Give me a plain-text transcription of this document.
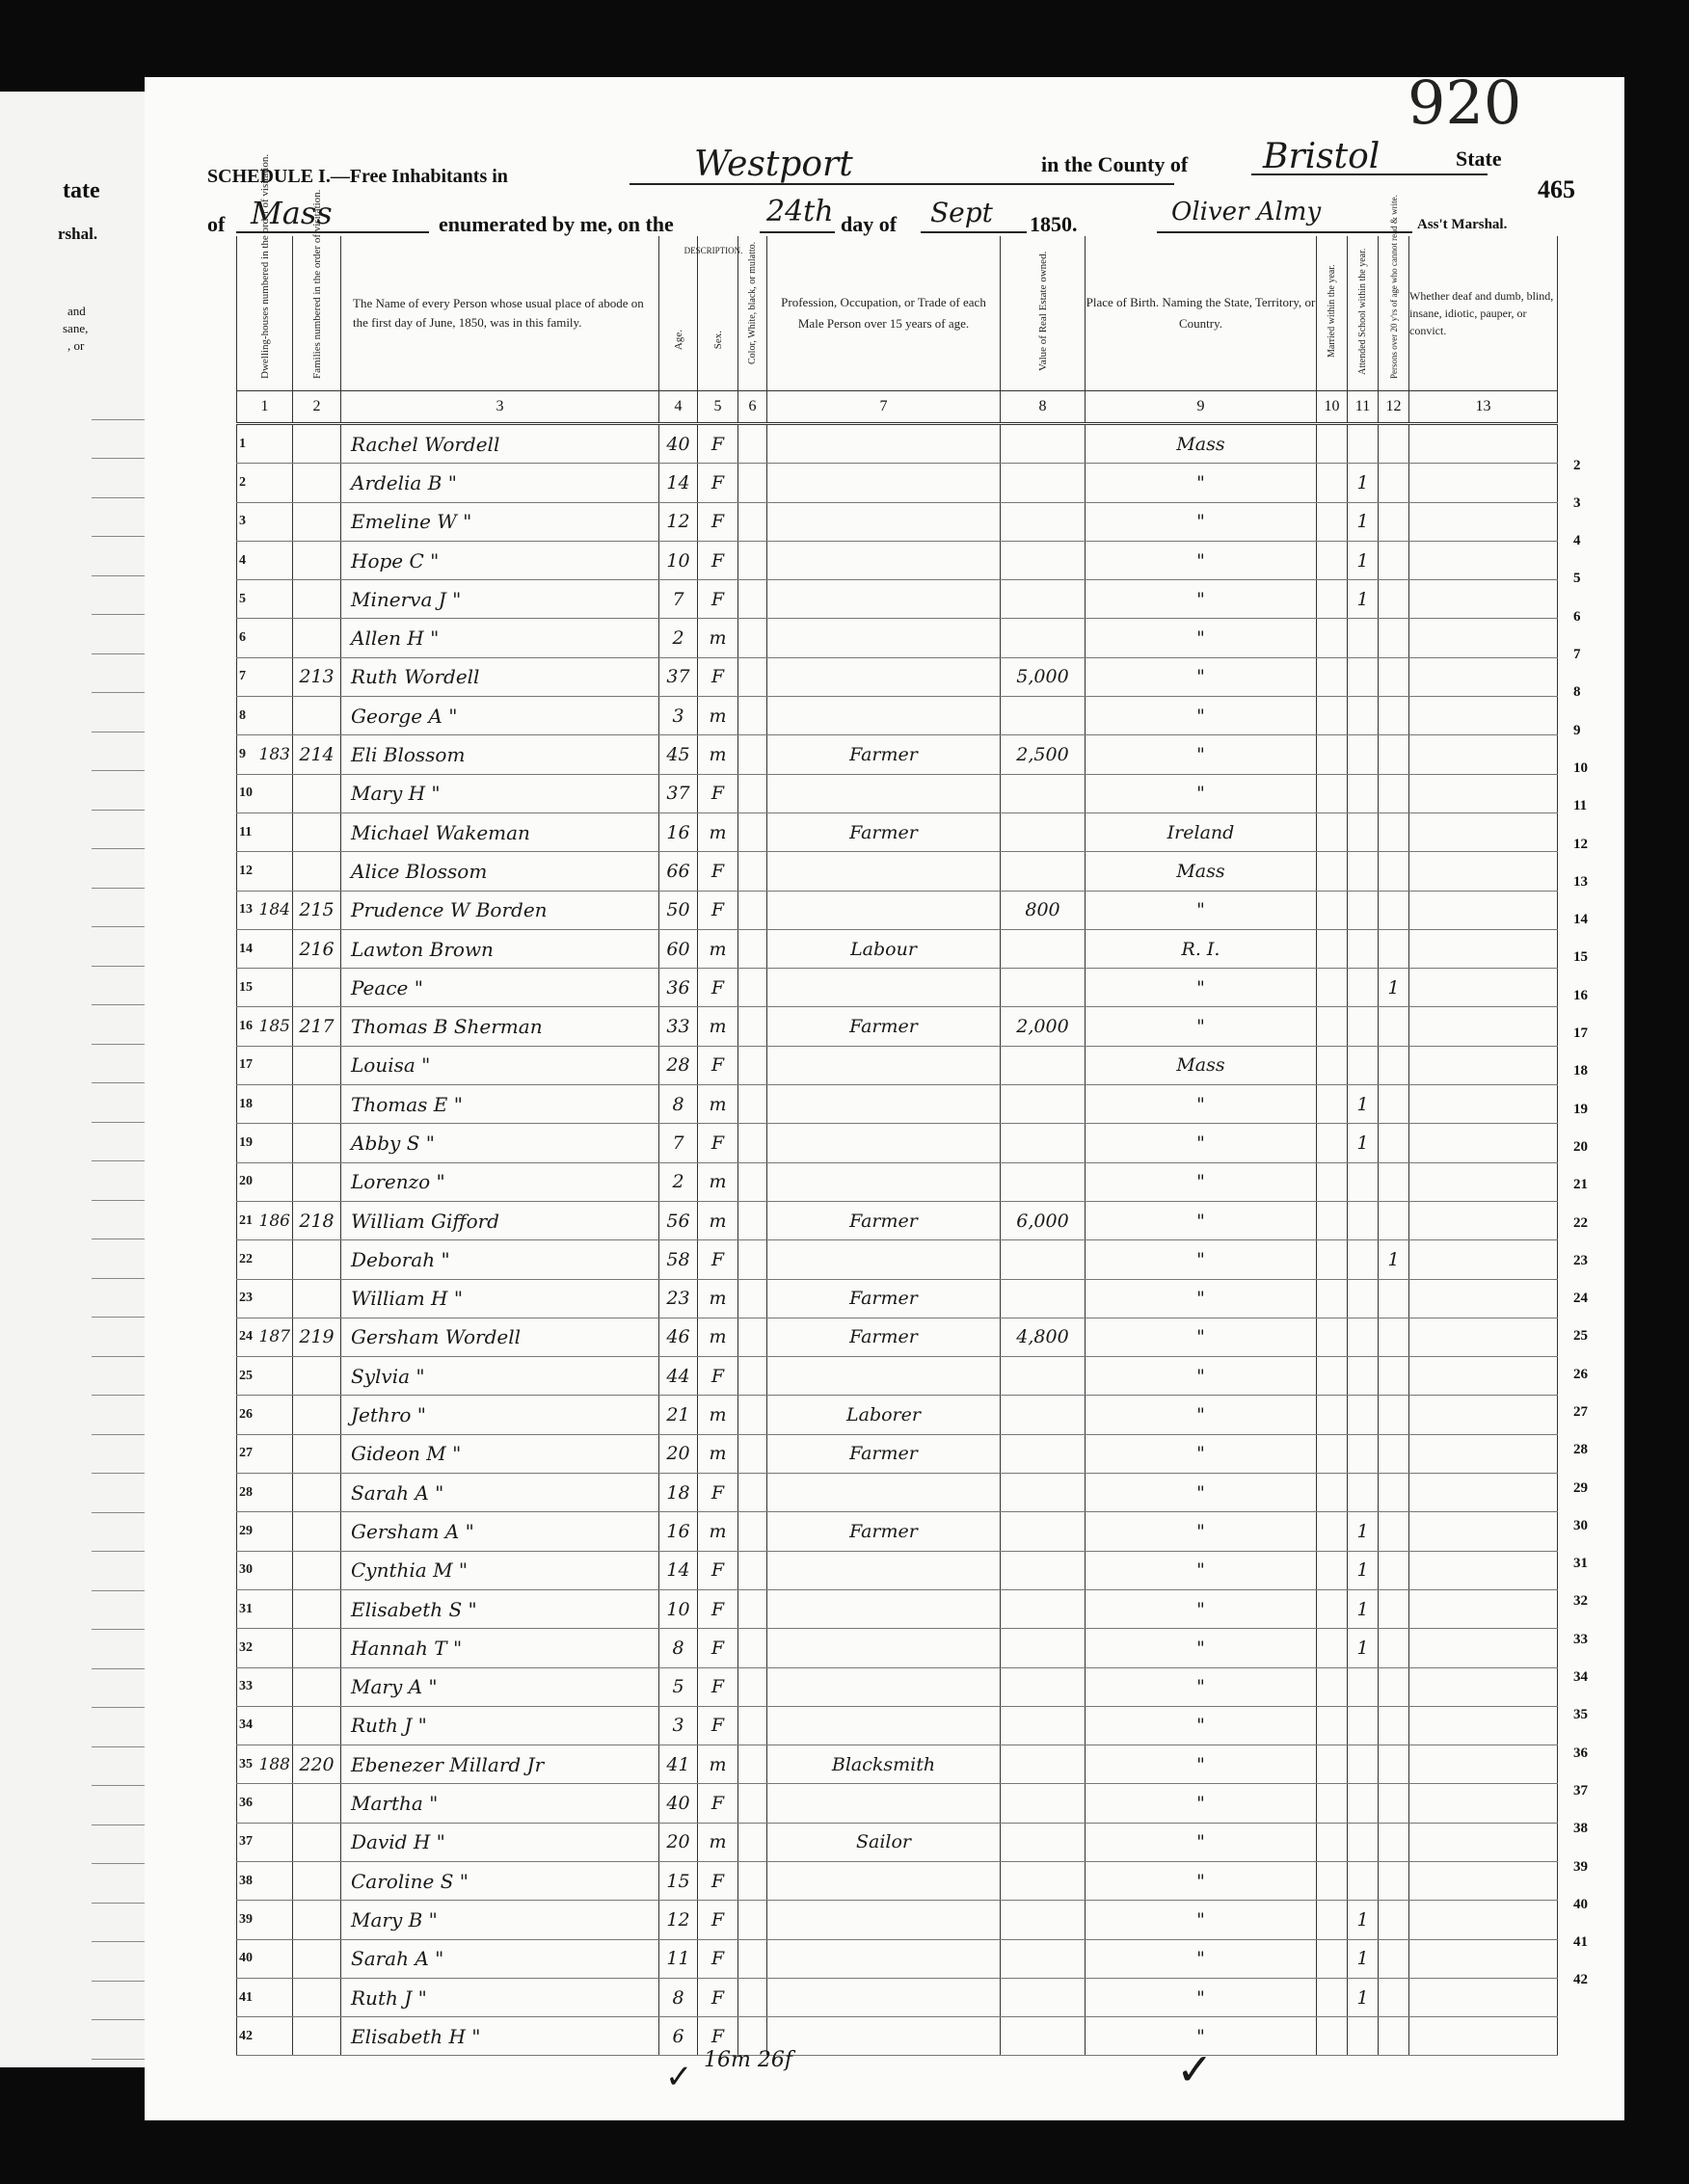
tate
rshal.
and
sane,
, or
920
465
SCHEDULE I.—Free Inhabitants in	Westport	in the County of Bristol	State
of Mass	enumerated by me, on the	24th day of Sept 1850.	Oliver Almy	Ass't Marshal.
Dwelling-houses numbered in the order of visitation.	Families numbered in the order of visitation.	The Name of every Person whose usual place of abode on the first day of June, 1850, was in this family.	DESCRIPTION.
Age.	Sex.	Color, White, black, or mulatto.	Profession, Occupation, or Trade of each Male Person over 15 years of age.	Value of Real Estate owned.	Place of Birth. Naming the State, Territory, or Country.	Married within the year.	Attended School within the year.	Persons over 20 y'rs of age who cannot read & write.	Whether deaf and dumb, blind, insane, idiotic, pauper, or convict.
1	2	3	4	5	6	7	8	9	10	11	12	13

1		Rachel Wordell	40	F				Mass				

2		Ardelia B "	14	F				"		1		

3		Emeline W "	12	F				"		1		

4		Hope C "	10	F				"		1		

5		Minerva J "	7	F				"		1		

6		Allen H "	2	m				"				

7	213	Ruth Wordell	37	F			5,000	"				

8		George A "	3	m				"				

9 183	214	Eli Blossom	45	m		Farmer	2,500	"				

10		Mary H "	37	F				"				

11		Michael Wakeman	16	m		Farmer		Ireland				

12		Alice Blossom	66	F				Mass				

13 184	215	Prudence W Borden	50	F			800	"				

14	216	Lawton Brown	60	m		Labour		R. I.				

15		Peace "	36	F				"			1	

16 185	217	Thomas B Sherman	33	m		Farmer	2,000	"				

17		Louisa "	28	F				Mass				

18		Thomas E "	8	m				"		1		

19		Abby S "	7	F				"		1		

20		Lorenzo "	2	m				"				

21 186	218	William Gifford	56	m		Farmer	6,000	"				

22		Deborah "	58	F				"			1	

23		William H "	23	m		Farmer		"				

24 187	219	Gersham Wordell	46	m		Farmer	4,800	"				

25		Sylvia "	44	F				"				

26		Jethro "	21	m		Laborer		"				

27		Gideon M "	20	m		Farmer		"				

28		Sarah A "	18	F				"				

29		Gersham A "	16	m		Farmer		"		1		

30		Cynthia M "	14	F				"		1		

31		Elisabeth S "	10	F				"		1		

32		Hannah T "	8	F				"		1		

33		Mary A "	5	F				"				

34		Ruth J "	3	F				"				

35 188	220	Ebenezer Millard Jr	41	m		Blacksmith		"				

36		Martha "	40	F				"				

37		David H "	20	m		Sailor		"				

38		Caroline S "	15	F				"				

39		Mary B "	12	F				"		1		

40		Sarah A "	11	F				"		1		

41		Ruth J "	8	F				"		1		

42		Elisabeth H "	6	F				"				
2
3
4
5
6
7
8
9
10
11
12
13
14
15
16
17
18
19
20
21
22
23
24
25
26
27
28
29
30
31
32
33
34
35
36
37
38
39
40
41
42
✓ 16m 26f	✓
